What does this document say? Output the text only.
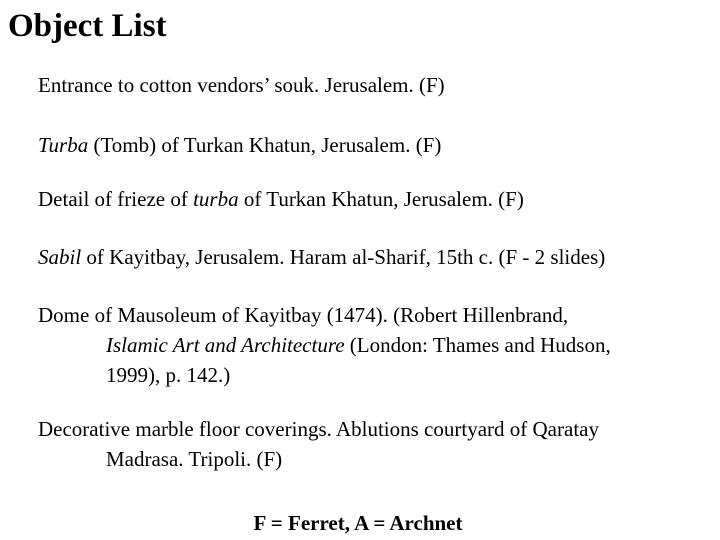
Object List

Entrance to cotton vendors’ souk. Jerusalem. (F)

Turba (Tomb) of Turkan Khatun, Jerusalem. (F)

Detail of frieze of turba of Turkan Khatun, Jerusalem. (F)

Sabil of Kayitbay, Jerusalem. Haram al-Sharif, 15th c. (F - 2 slides)

Dome of Mausoleum of Kayitbay (1474). (Robert Hillenbrand,
Islamic Art and Architecture (London: Thames and Hudson,
1999), p. 142.)

Decorative marble floor coverings. Ablutions courtyard of Qaratay
Madrasa. Tripoli. (F)

F = Ferret, A = Archnet
